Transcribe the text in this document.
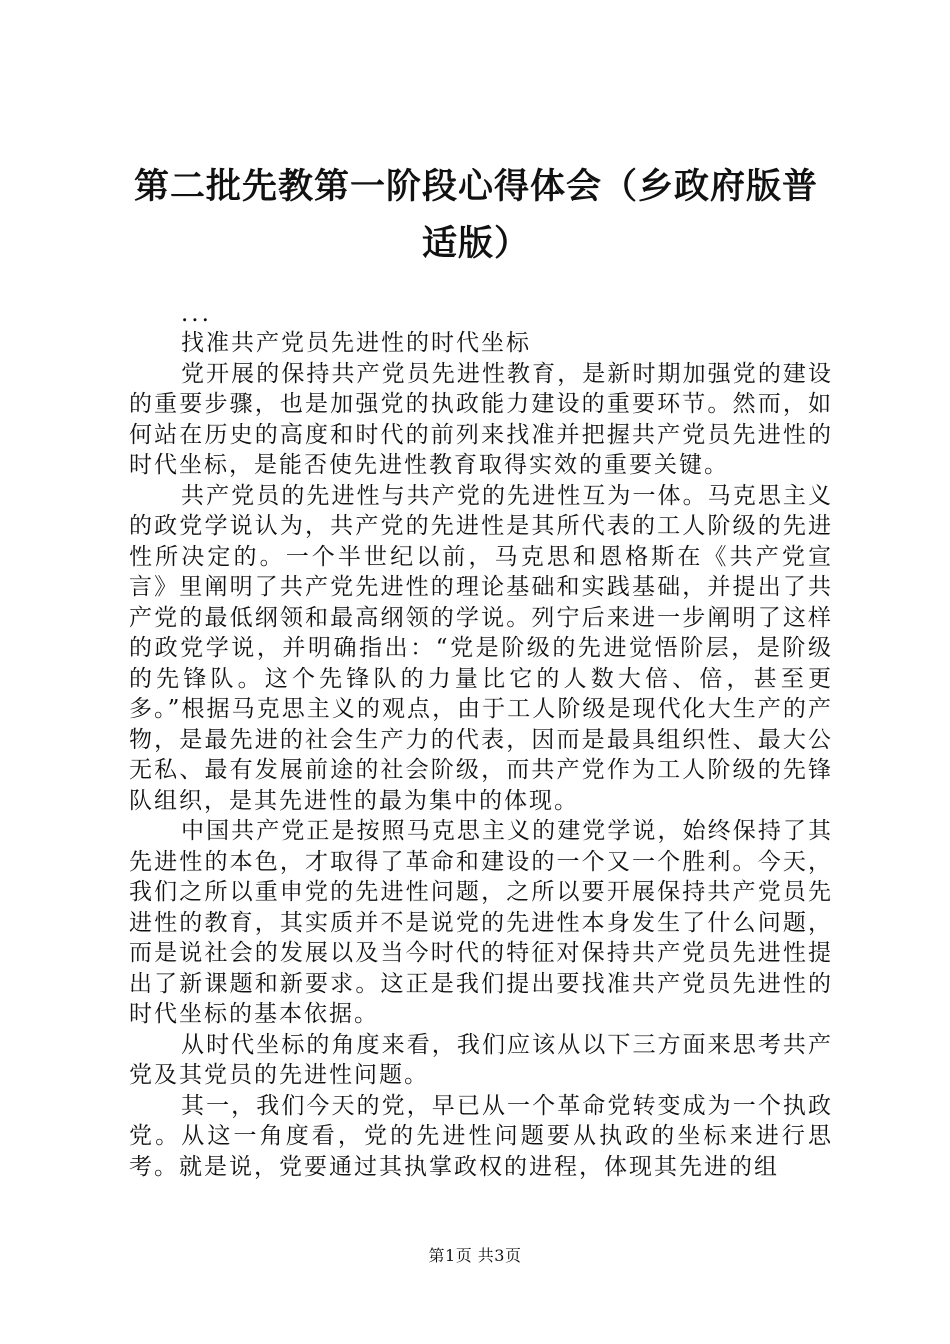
第二批先教第一阶段心得体会（乡政府版普适版）

...

找准共产党员先进性的时代坐标

党开展的保持共产党员先进性教育，是新时期加强党的建设的重要步骤，也是加强党的执政能力建设的重要环节。然而，如何站在历史的高度和时代的前列来找准并把握共产党员先进性的时代坐标，是能否使先进性教育取得实效的重要关键。

共产党员的先进性与共产党的先进性互为一体。马克思主义的政党学说认为，共产党的先进性是其所代表的工人阶级的先进性所决定的。一个半世纪以前，马克思和恩格斯在《共产党宣言》里阐明了共产党先进性的理论基础和实践基础，并提出了共产党的最低纲领和最高纲领的学说。列宁后来进一步阐明了这样的政党学说，并明确指出：“党是阶级的先进觉悟阶层，是阶级的先锋队。这个先锋队的力量比它的人数大倍、倍，甚至更多。”根据马克思主义的观点，由于工人阶级是现代化大生产的产物，是最先进的社会生产力的代表，因而是最具组织性、最大公无私、最有发展前途的社会阶级，而共产党作为工人阶级的先锋队组织，是其先进性的最为集中的体现。

中国共产党正是按照马克思主义的建党学说，始终保持了其先进性的本色，才取得了革命和建设的一个又一个胜利。今天，我们之所以重申党的先进性问题，之所以要开展保持共产党员先进性的教育，其实质并不是说党的先进性本身发生了什么问题，而是说社会的发展以及当今时代的特征对保持共产党员先进性提出了新课题和新要求。这正是我们提出要找准共产党员先进性的时代坐标的基本依据。

从时代坐标的角度来看，我们应该从以下三方面来思考共产党及其党员的先进性问题。

其一，我们今天的党，早已从一个革命党转变成为一个执政党。从这一角度看，党的先进性问题要从执政的坐标来进行思考。就是说，党要通过其执掌政权的进程，体现其先进的组

第1页 共3页
